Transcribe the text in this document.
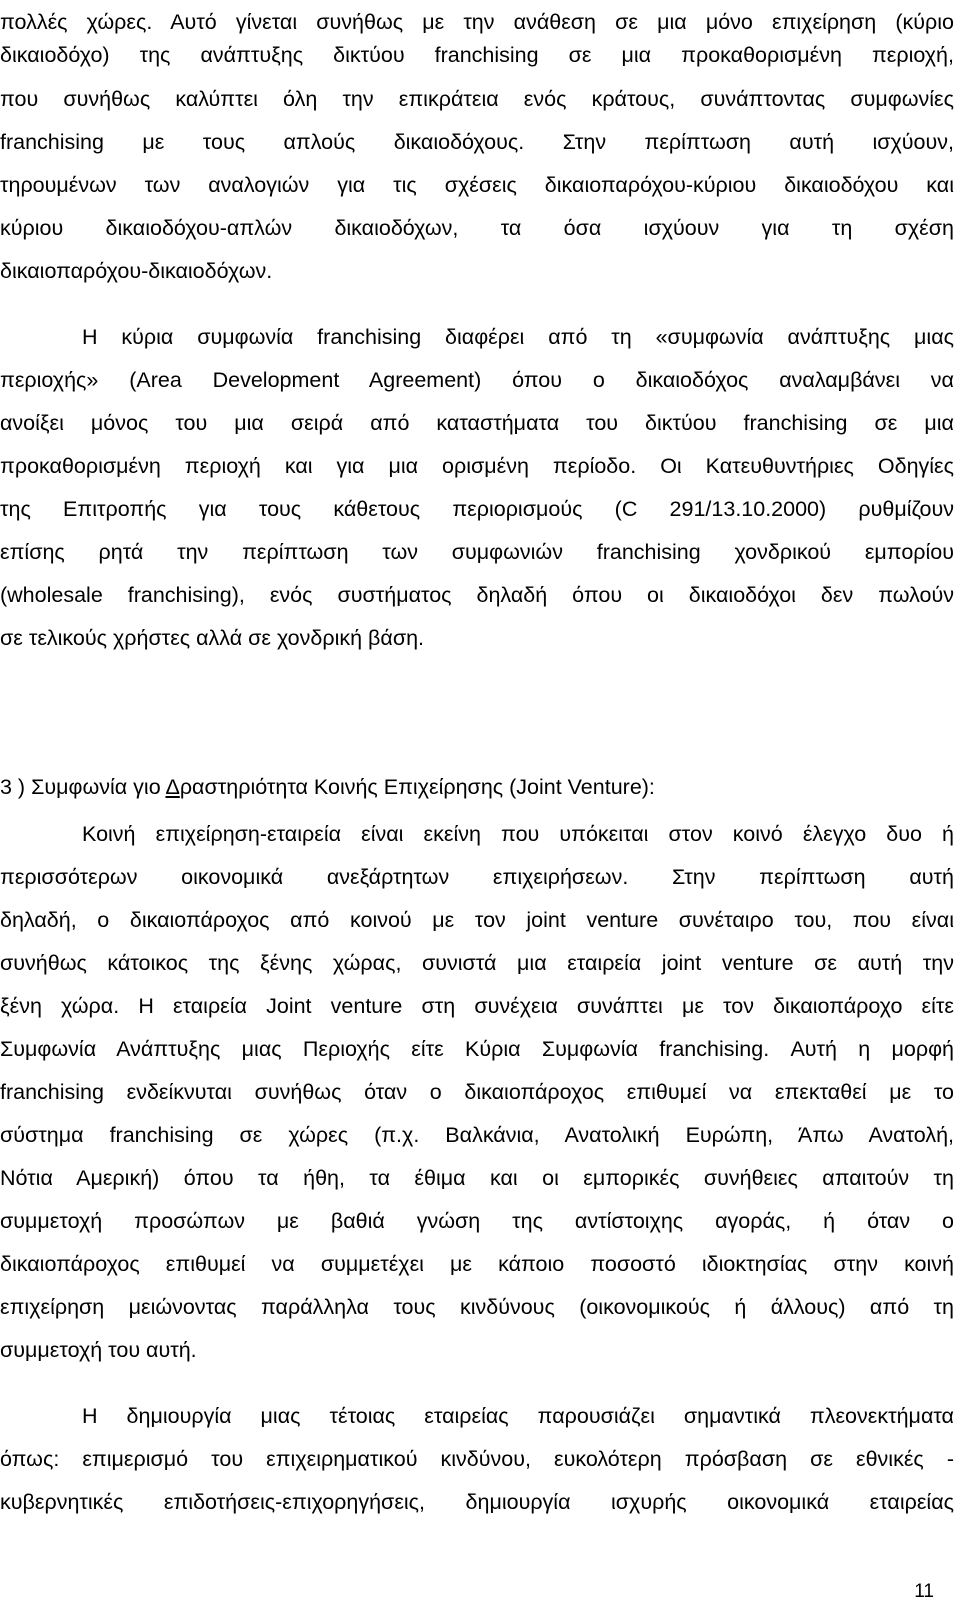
πολλές χώρες. Αυτό γίνεται συνήθως με την ανάθεση σε μια μόνο επιχείρηση (κύριο
δικαιοδόχο) της ανάπτυξης δικτύου franchising σε μια προκαθορισμένη περιοχή,
που συνήθως καλύπτει όλη την επικράτεια ενός κράτους, συνάπτοντας συμφωνίες
franchising με τους απλούς δικαιοδόχους. Στην περίπτωση αυτή ισχύουν,
τηρουμένων των αναλογιών για τις σχέσεις δικαιοπαρόχου-κύριου δικαιοδόχου και
κύριου δικαιοδόχου-απλών δικαιοδόχων, τα όσα ισχύουν για τη σχέση
δικαιοπαρόχου-δικαιοδόχων.
Η κύρια συμφωνία franchising διαφέρει από τη «συμφωνία ανάπτυξης μιας
περιοχής» (Area Development Agreement) όπου ο δικαιοδόχος αναλαμβάνει να
ανοίξει μόνος του μια σειρά από καταστήματα του δικτύου franchising σε μια
προκαθορισμένη περιοχή και για μια ορισμένη περίοδο. Οι Κατευθυντήριες Οδηγίες
της Επιτροπής για τους κάθετους περιορισμούς (C 291/13.10.2000) ρυθμίζουν
επίσης ρητά την περίπτωση των συμφωνιών franchising χονδρικού εμπορίου
(wholesale franchising), ενός συστήματος δηλαδή όπου οι δικαιοδόχοι δεν πωλούν
σε τελικούς χρήστες αλλά σε χονδρική βάση.
3 ) Συμφωνία γιο Δραστηριότητα Κοινής Επιχείρησης (Joint Venture):
Κοινή επιχείρηση-εταιρεία είναι εκείνη που υπόκειται στον κοινό έλεγχο δυο ή
περισσότερων οικονομικά ανεξάρτητων επιχειρήσεων. Στην περίπτωση αυτή
δηλαδή, ο δικαιοπάροχος από κοινού με τον joint venture συνέταιρο του, που είναι
συνήθως κάτοικος της ξένης χώρας, συνιστά μια εταιρεία joint venture σε αυτή την
ξένη χώρα. Η εταιρεία Joint venture στη συνέχεια συνάπτει με τον δικαιοπάροχο είτε
Συμφωνία Ανάπτυξης μιας Περιοχής είτε Κύρια Συμφωνία franchising. Αυτή η μορφή
franchising ενδείκνυται συνήθως όταν ο δικαιοπάροχος επιθυμεί να επεκταθεί με το
σύστημα franchising σε χώρες (π.χ. Βαλκάνια, Ανατολική Ευρώπη, Άπω Ανατολή,
Νότια Αμερική) όπου τα ήθη, τα έθιμα και οι εμπορικές συνήθειες απαιτούν τη
συμμετοχή προσώπων με βαθιά γνώση της αντίστοιχης αγοράς, ή όταν ο
δικαιοπάροχος επιθυμεί να συμμετέχει με κάποιο ποσοστό ιδιοκτησίας στην κοινή
επιχείρηση μειώνοντας παράλληλα τους κινδύνους (οικονομικούς ή άλλους) από τη
συμμετοχή του αυτή.
Η δημιουργία μιας τέτοιας εταιρείας παρουσιάζει σημαντικά πλεονεκτήματα
όπως: επιμερισμό του επιχειρηματικού κινδύνου, ευκολότερη πρόσβαση σε εθνικές -
κυβερνητικές επιδοτήσεις-επιχορηγήσεις, δημιουργία ισχυρής οικονομικά εταιρείας
11
